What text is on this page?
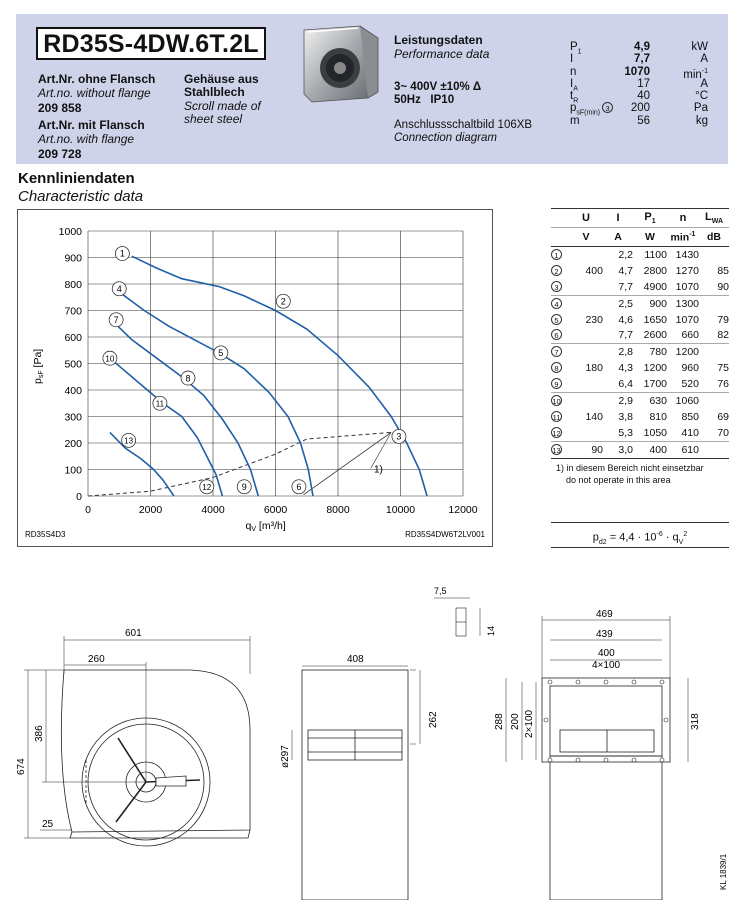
RD35S-4DW.6T.2L
Art.Nr. ohne Flansch
Art.no. without flange
209 858
Art.Nr. mit Flansch
Art.no. with flange
209 728
Gehäuse aus
Stahlblech
Scroll made of
sheet steel
Leistungsdaten
Performance data
3~ 400V ±10% Δ
50Hz   IP10
Anschlussschaltbild 106XB
Connection diagram
$P_1$	4,9	kW
I	7,7	A
n	1070	$\min^{-1}$
$I_A$	17	A
$t_R$	40	°C
$p_{sF(min)}$ 3 200	Pa
m	56	kg
Kennliniendaten
Characteristic data
0	2000	4000	6000	8000	10000	12000
0
100
200
300
400
500
600
700
800
900
1000
qV [m³/h]
psF [Pa]
1)
1
2
3
4
5
6
7
8
9
10
11
12
13
RD35S4D3	RD35S4DW6T2LV001
	U	I	$P_1$	n	$L_{WA}$
	V	A	W	$\min^{-1}$	dB
1		2,2	1100	1430	
2	400	4,7	2800	1270	85
3		7,7	4900	1070	90
4		2,5	900	1300	
5	230	4,6	1650	1070	79
6		7,7	2600	660	82
7		2,8	780	1200	
8	180	4,3	1200	960	75
9		6,4	1700	520	76
10		2,9	630	1060	
11	140	3,8	810	850	69
12		5,3	1050	410	70
13	90	3,0	400	610	
1) in diesem Bereich nicht einsetzbar
do not operate in this area
$p_{d2} = 4,4 \cdot 10^{-6} \cdot q_V^2$
601
260
386
674
25
408
262
ø297
7,5
14
469
439
400
4×100
288 200 2×100	318
KL 1839/1
